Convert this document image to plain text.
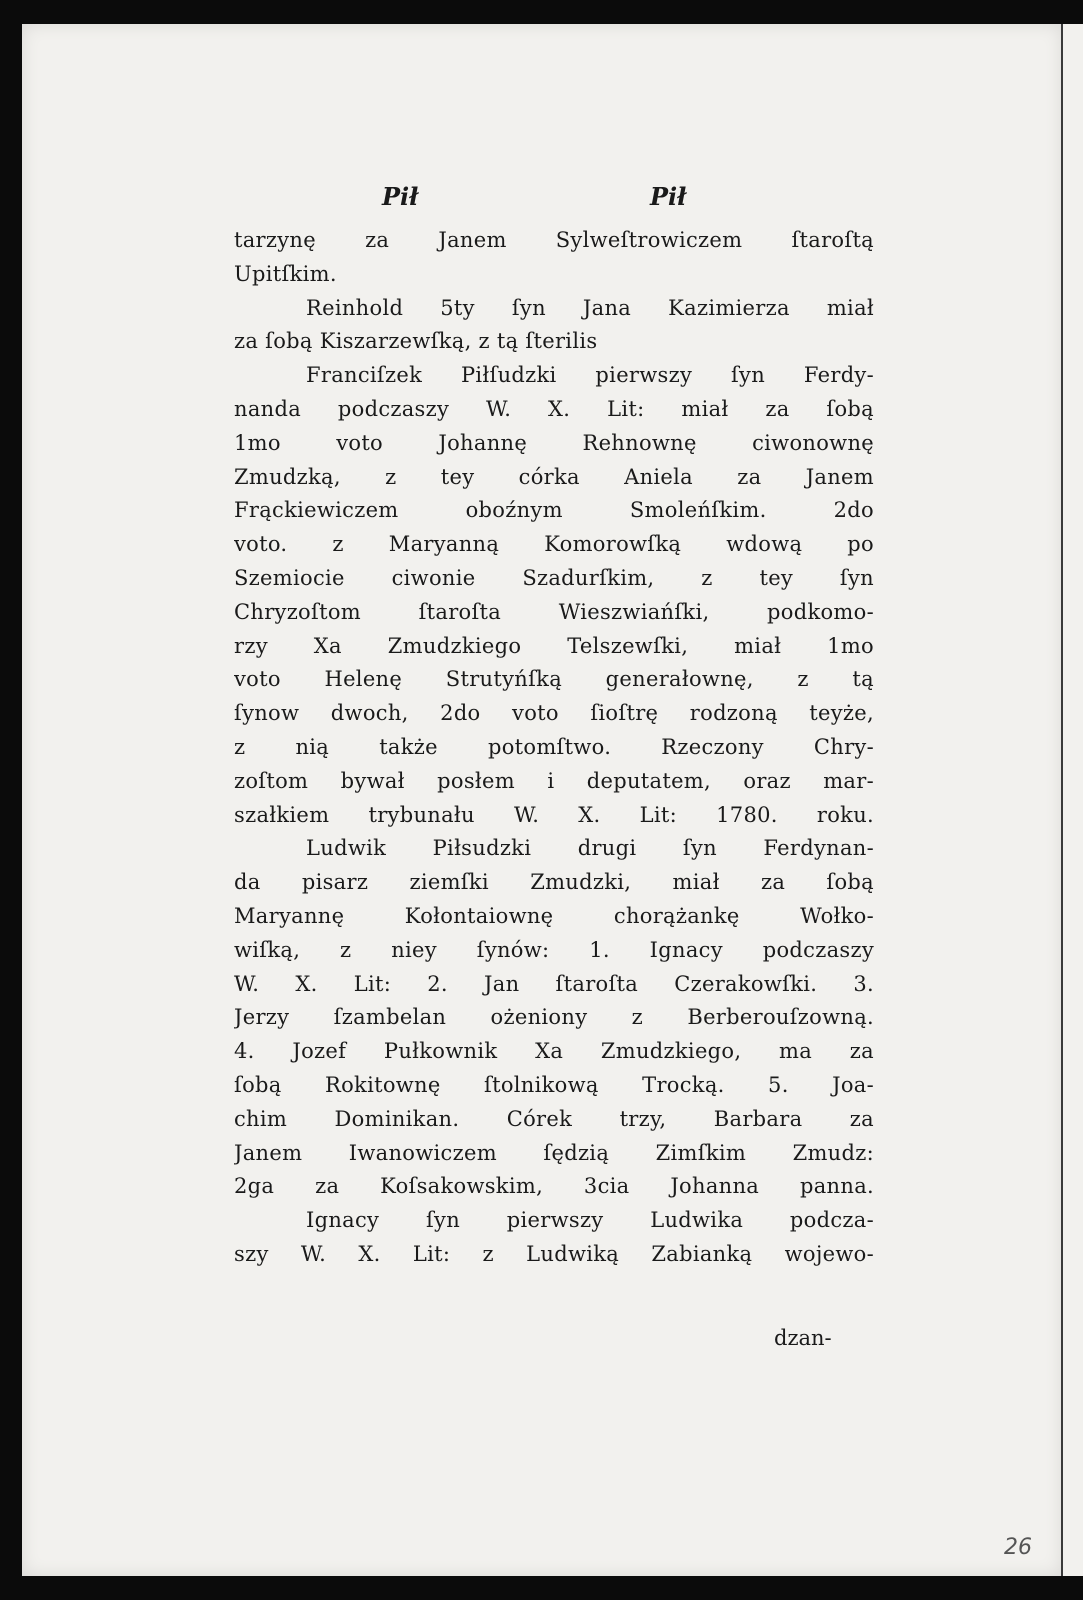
Pił	Pił
tarzynę za Janem Sylweſtrowiczem ſtaroſtą
Upitſkim.
Reinhold 5ty ſyn Jana Kazimierza miał
za ſobą Kiszarzewſką, z tą ſterilis
Franciſzek Piłſudzki pierwszy ſyn Ferdy-
nanda podczaszy W. X. Lit: miał za ſobą
1mo voto Johannę Rehnownę ciwonownę
Zmudzką, z tey córka Aniela za Janem
Frąckiewiczem oboźnym Smoleńſkim. 2do
voto. z Maryanną Komorowſką wdową po
Szemiocie ciwonie Szadurſkim, z tey ſyn
Chryzoſtom ſtaroſta Wieszwiańſki, podkomo-
rzy Xa Zmudzkiego Telszewſki, miał 1mo
voto Helenę Strutyńſką generałownę, z tą
ſynow dwoch, 2do voto ſioſtrę rodzoną teyże,
z nią także potomſtwo. Rzeczony Chry-
zoſtom bywał posłem i deputatem, oraz mar-
szałkiem trybunału W. X. Lit: 1780. roku.
Ludwik Piłsudzki drugi ſyn Ferdynan-
da pisarz ziemſki Zmudzki, miał za ſobą
Maryannę Kołontaiownę chorążankę Wołko-
wiſką, z niey ſynów: 1. Ignacy podczaszy
W. X. Lit: 2. Jan ſtaroſta Czerakowſki. 3.
Jerzy ſzambelan ożeniony z Berberouſzowną.
4. Jozef Pułkownik Xa Zmudzkiego, ma za
ſobą Rokitownę ſtolnikową Trocką. 5. Joa-
chim Dominikan. Córek trzy, Barbara za
Janem Iwanowiczem ſędzią Zimſkim Zmudz:
2ga za Koſsakowskim, 3cia Johanna panna.
Ignacy ſyn pierwszy Ludwika podcza-
szy W. X. Lit: z Ludwiką Zabianką wojewo-
dzan-
26
